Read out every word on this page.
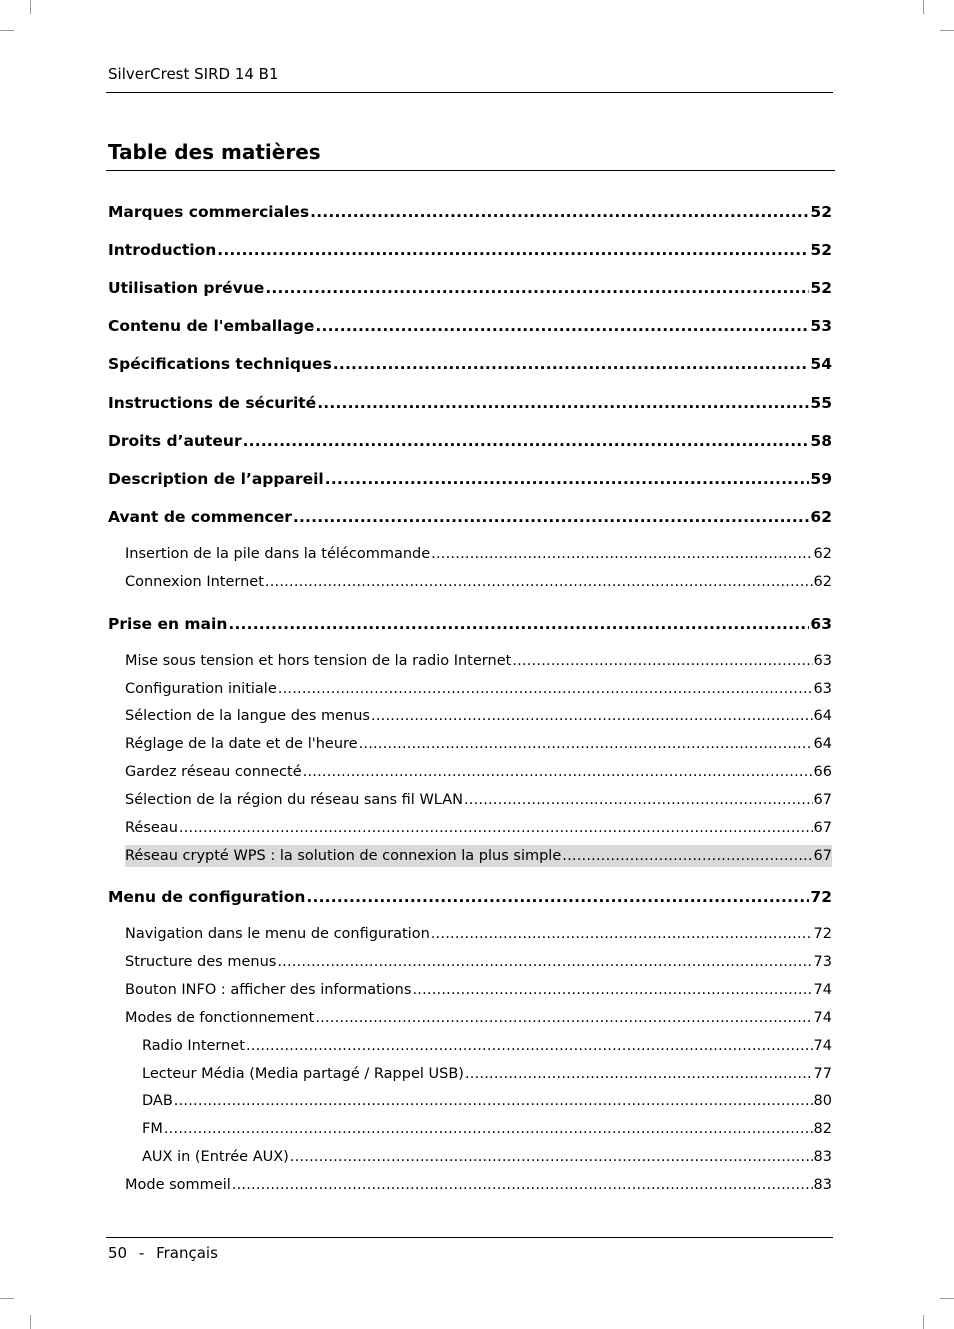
SilverCrest SIRD 14 B1
Table des matières
Marques commerciales . . .	52
Introduction . . .	52
Utilisation prévue . . .	52
Contenu de l'emballage . . .	53
Spécifications techniques . . .	54
Instructions de sécurité . . .	55
Droits d’auteur . . .	58
Description de l’appareil . . .	59
Avant de commencer . . .	62
Insertion de la pile dans la télécommande . . .	62
Connexion Internet . . .	62
Prise en main . . .	63
Mise sous tension et hors tension de la radio Internet . . .	63
Configuration initiale . . .	63
Sélection de la langue des menus . . .	64
Réglage de la date et de l'heure . . .	64
Gardez réseau connecté . . .	66
Sélection de la région du réseau sans fil WLAN . . .	67
Réseau . . .	67
Réseau crypté WPS : la solution de connexion la plus simple . . .	67
Menu de configuration . . .	72
Navigation dans le menu de configuration . . .	72
Structure des menus . . .	73
Bouton INFO : afficher des informations . . .	74
Modes de fonctionnement . . .	74
Radio Internet . . .	74
Lecteur Média (Media partagé / Rappel USB) . . .	77
DAB . . .	80
FM . . .	82
AUX in (Entrée AUX) . . .	83
Mode sommeil . . .	83
50 - Français
